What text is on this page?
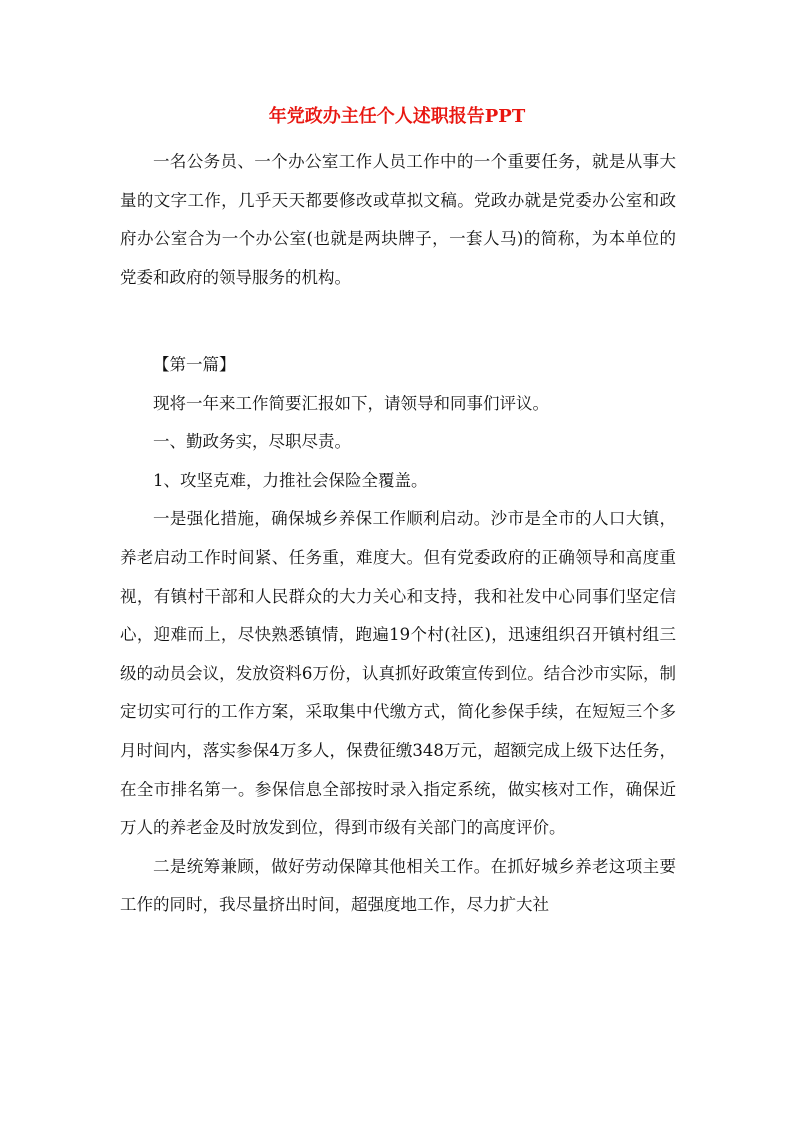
年党政办主任个人述职报告PPT

一名公务员、一个办公室工作人员工作中的一个重要任务，就是从事大量的文字工作，几乎天天都要修改或草拟文稿。党政办就是党委办公室和政府办公室合为一个办公室(也就是两块牌子，一套人马)的简称，为本单位的党委和政府的领导服务的机构。

【第一篇】

现将一年来工作简要汇报如下，请领导和同事们评议。

一、勤政务实，尽职尽责。

1、攻坚克难，力推社会保险全覆盖。

一是强化措施，确保城乡养保工作顺利启动。沙市是全市的人口大镇，养老启动工作时间紧、任务重，难度大。但有党委政府的正确领导和高度重视，有镇村干部和人民群众的大力关心和支持，我和社发中心同事们坚定信心，迎难而上，尽快熟悉镇情，跑遍19个村(社区)，迅速组织召开镇村组三级的动员会议，发放资料6万份，认真抓好政策宣传到位。结合沙市实际，制定切实可行的工作方案，采取集中代缴方式，简化参保手续，在短短三个多月时间内，落实参保4万多人，保费征缴348万元，超额完成上级下达任务，在全市排名第一。参保信息全部按时录入指定系统，做实核对工作，确保近万人的养老金及时放发到位，得到市级有关部门的高度评价。

二是统筹兼顾，做好劳动保障其他相关工作。在抓好城乡养老这项主要工作的同时，我尽量挤出时间，超强度地工作，尽力扩大社
